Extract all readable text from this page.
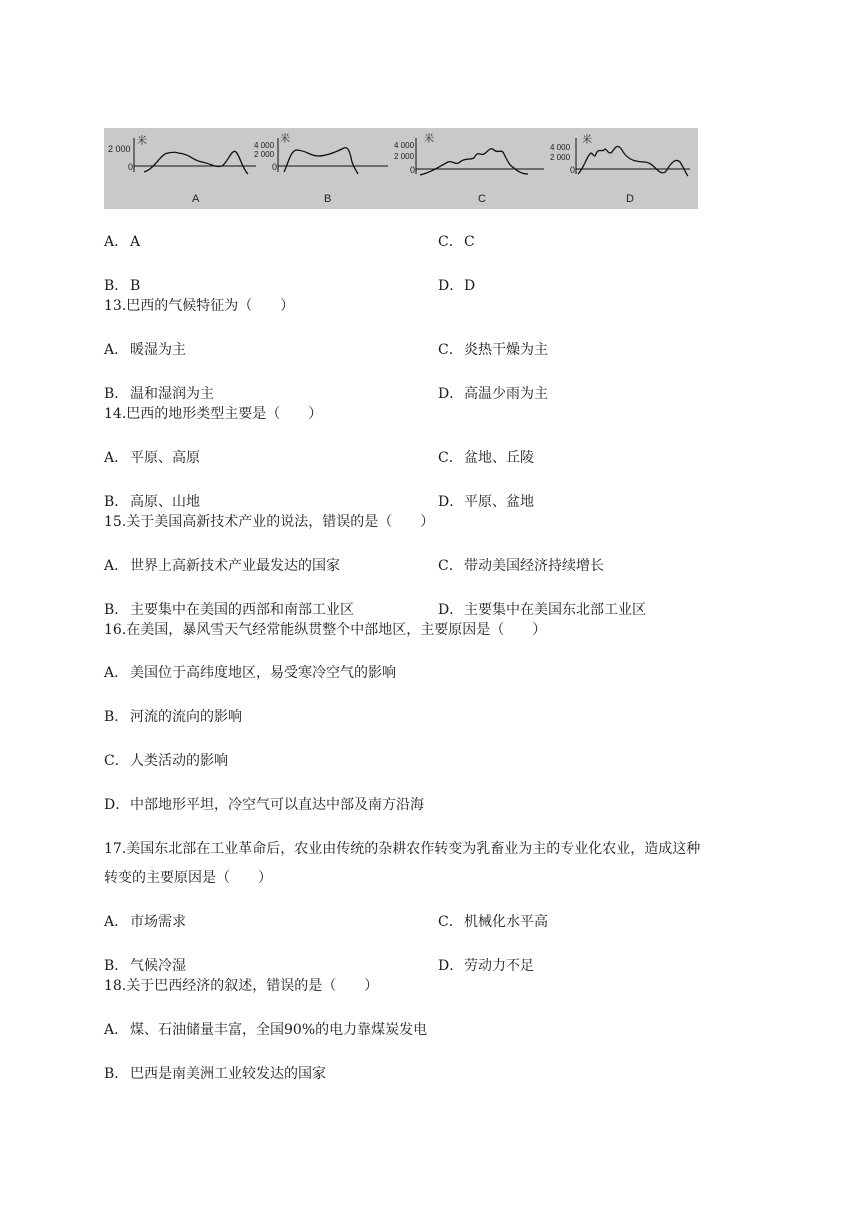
2 000
米
0
A
4 000
2 000
米
0
B
4 000
2 000
米
0
C
4 000
2 000
米
0
D
A． A	C．C
B． B	D．D
13.巴西的气候特征为（　　）
A． 暖湿为主	C．炎热干燥为主
B． 温和湿润为主	D．高温少雨为主
14.巴西的地形类型主要是（　　）
A． 平原、高原	C．盆地、丘陵
B． 高原、山地	D．平原、盆地
15.关于美国高新技术产业的说法，错误的是（　　）
A． 世界上高新技术产业最发达的国家	C．带动美国经济持续增长
B． 主要集中在美国的西部和南部工业区	D．主要集中在美国东北部工业区
16.在美国，暴风雪天气经常能纵贯整个中部地区，主要原因是（　　）
A． 美国位于高纬度地区，易受寒冷空气的影响
B． 河流的流向的影响
C．人类活动的影响
D．中部地形平坦，冷空气可以直达中部及南方沿海
17.美国东北部在工业革命后，农业由传统的杂耕农作转变为乳畜业为主的专业化农业，造成这种
转变的主要原因是（　　）
A． 市场需求	C．机械化水平高
B． 气候冷湿	D．劳动力不足
18.关于巴西经济的叙述，错误的是（　　）
A． 煤、石油储量丰富，全国90%的电力靠煤炭发电
B． 巴西是南美洲工业较发达的国家
